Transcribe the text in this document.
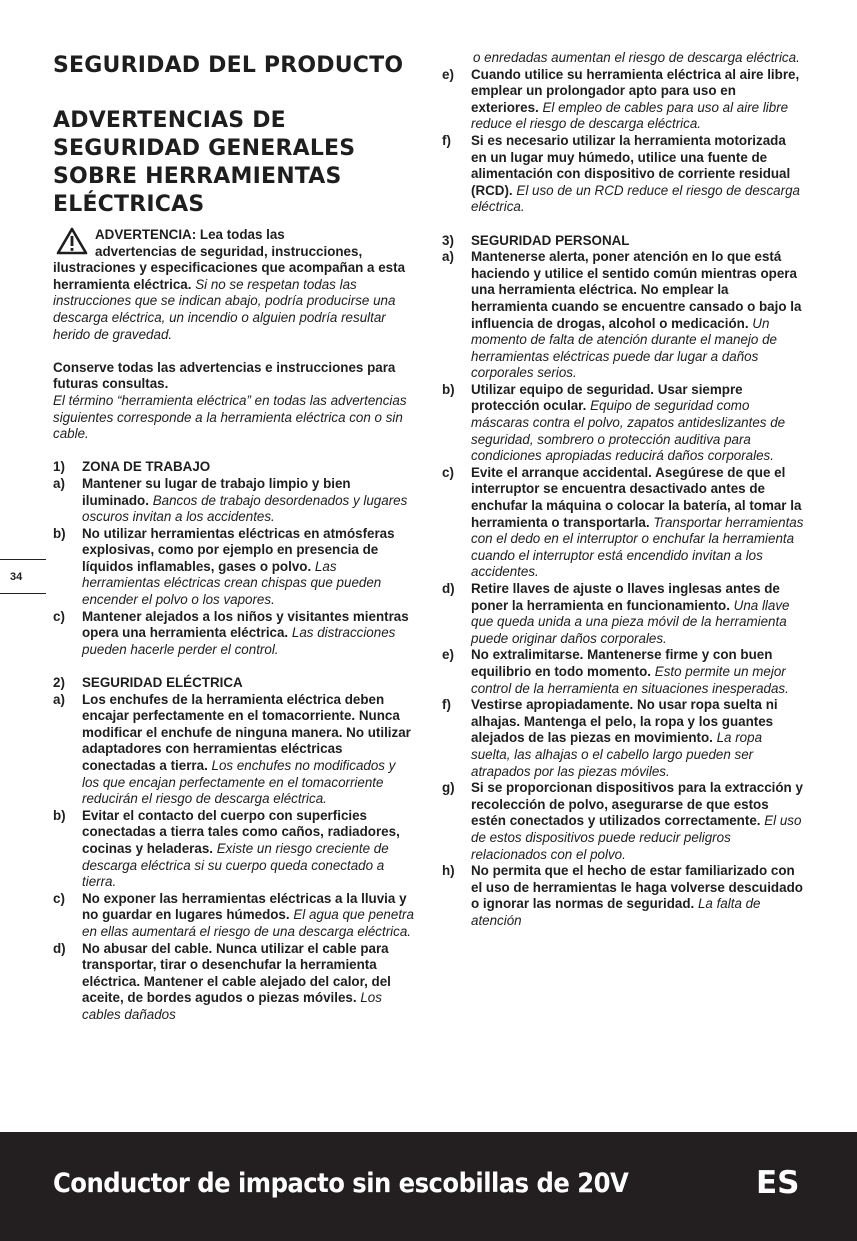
SEGURIDAD DEL PRODUCTO
ADVERTENCIAS DE
SEGURIDAD GENERALES
SOBRE HERRAMIENTAS
ELÉCTRICAS
ADVERTENCIA: Lea todas las
advertencias de seguridad, instrucciones,

ilustraciones y especificaciones que acompañan a esta herramienta eléctrica. Si no se respetan todas las instrucciones que se indican abajo, podría producirse una descarga eléctrica, un incendio o alguien podría resultar herido de gravedad.

Conserve todas las advertencias e instrucciones para futuras consultas.

El término “herramienta eléctrica” en todas las advertencias siguientes corresponde a la herramienta eléctrica con o sin cable.

1)	ZONA DE TRABAJO
a)	Mantener su lugar de trabajo limpio y bien iluminado. Bancos de trabajo desordenados y lugares oscuros invitan a los accidentes.
b)	No utilizar herramientas eléctricas en atmósferas explosivas, como por ejemplo en presencia de líquidos inflamables, gases o polvo. Las herramientas eléctricas crean chispas que pueden encender el polvo o los vapores.
c)	Mantener alejados a los niños y visitantes mientras opera una herramienta eléctrica. Las distracciones pueden hacerle perder el control.
2)	SEGURIDAD ELÉCTRICA
a)	Los enchufes de la herramienta eléctrica deben encajar perfectamente en el tomacorriente. Nunca modificar el enchufe de ninguna manera. No utilizar adaptadores con herramientas eléctricas conectadas a tierra. Los enchufes no modificados y los que encajan perfectamente en el tomacorriente reducirán el riesgo de descarga eléctrica.
b)	Evitar el contacto del cuerpo con superficies conectadas a tierra tales como caños, radiadores, cocinas y heladeras. Existe un riesgo creciente de descarga eléctrica si su cuerpo queda conectado a tierra.
c)	No exponer las herramientas eléctricas a la lluvia y no guardar en lugares húmedos. El agua que penetra en ellas aumentará el riesgo de una descarga eléctrica.
d)	No abusar del cable. Nunca utilizar el cable para transportar, tirar o desenchufar la herramienta eléctrica. Mantener el cable alejado del calor, del aceite, de bordes agudos o piezas móviles. Los cables dañados

o enredadas aumentan el riesgo de descarga eléctrica.

e)	Cuando utilice su herramienta eléctrica al aire libre, emplear un prolongador apto para uso en exteriores. El empleo de cables para uso al aire libre reduce el riesgo de descarga eléctrica.
f)	Si es necesario utilizar la herramienta motorizada en un lugar muy húmedo, utilice una fuente de alimentación con dispositivo de corriente residual (RCD). El uso de un RCD reduce el riesgo de descarga eléctrica.
3)	SEGURIDAD PERSONAL
a)	Mantenerse alerta, poner atención en lo que está haciendo y utilice el sentido común mientras opera una herramienta eléctrica. No emplear la herramienta cuando se encuentre cansado o bajo la influencia de drogas, alcohol o medicación. Un momento de falta de atención durante el manejo de herramientas eléctricas puede dar lugar a daños corporales serios.
b)	Utilizar equipo de seguridad. Usar siempre protección ocular. Equipo de seguridad como máscaras contra el polvo, zapatos antideslizantes de seguridad, sombrero o protección auditiva para condiciones apropiadas reducirá daños corporales.
c)	Evite el arranque accidental. Asegúrese de que el interruptor se encuentra desactivado antes de enchufar la máquina o colocar la batería, al tomar la herramienta o transportarla. Transportar herramientas con el dedo en el interruptor o enchufar la herramienta cuando el interruptor está encendido invitan a los accidentes.
d)	Retire llaves de ajuste o llaves inglesas antes de poner la herramienta en funcionamiento. Una llave que queda unida a una pieza móvil de la herramienta puede originar daños corporales.
e)	No extralimitarse. Mantenerse firme y con buen equilibrio en todo momento. Esto permite un mejor control de la herramienta en situaciones inesperadas.
f)	Vestirse apropiadamente. No usar ropa suelta ni alhajas. Mantenga el pelo, la ropa y los guantes alejados de las piezas en movimiento. La ropa suelta, las alhajas o el cabello largo pueden ser atrapados por las piezas móviles.
g)	Si se proporcionan dispositivos para la extracción y recolección de polvo, asegurarse de que estos estén conectados y utilizados correctamente. El uso de estos dispositivos puede reducir peligros relacionados con el polvo.
h)	No permita que el hecho de estar familiarizado con el uso de herramientas le haga volverse descuidado o ignorar las normas de seguridad. La falta de atención
34
Conductor de impacto sin escobillas de 20V	ES
